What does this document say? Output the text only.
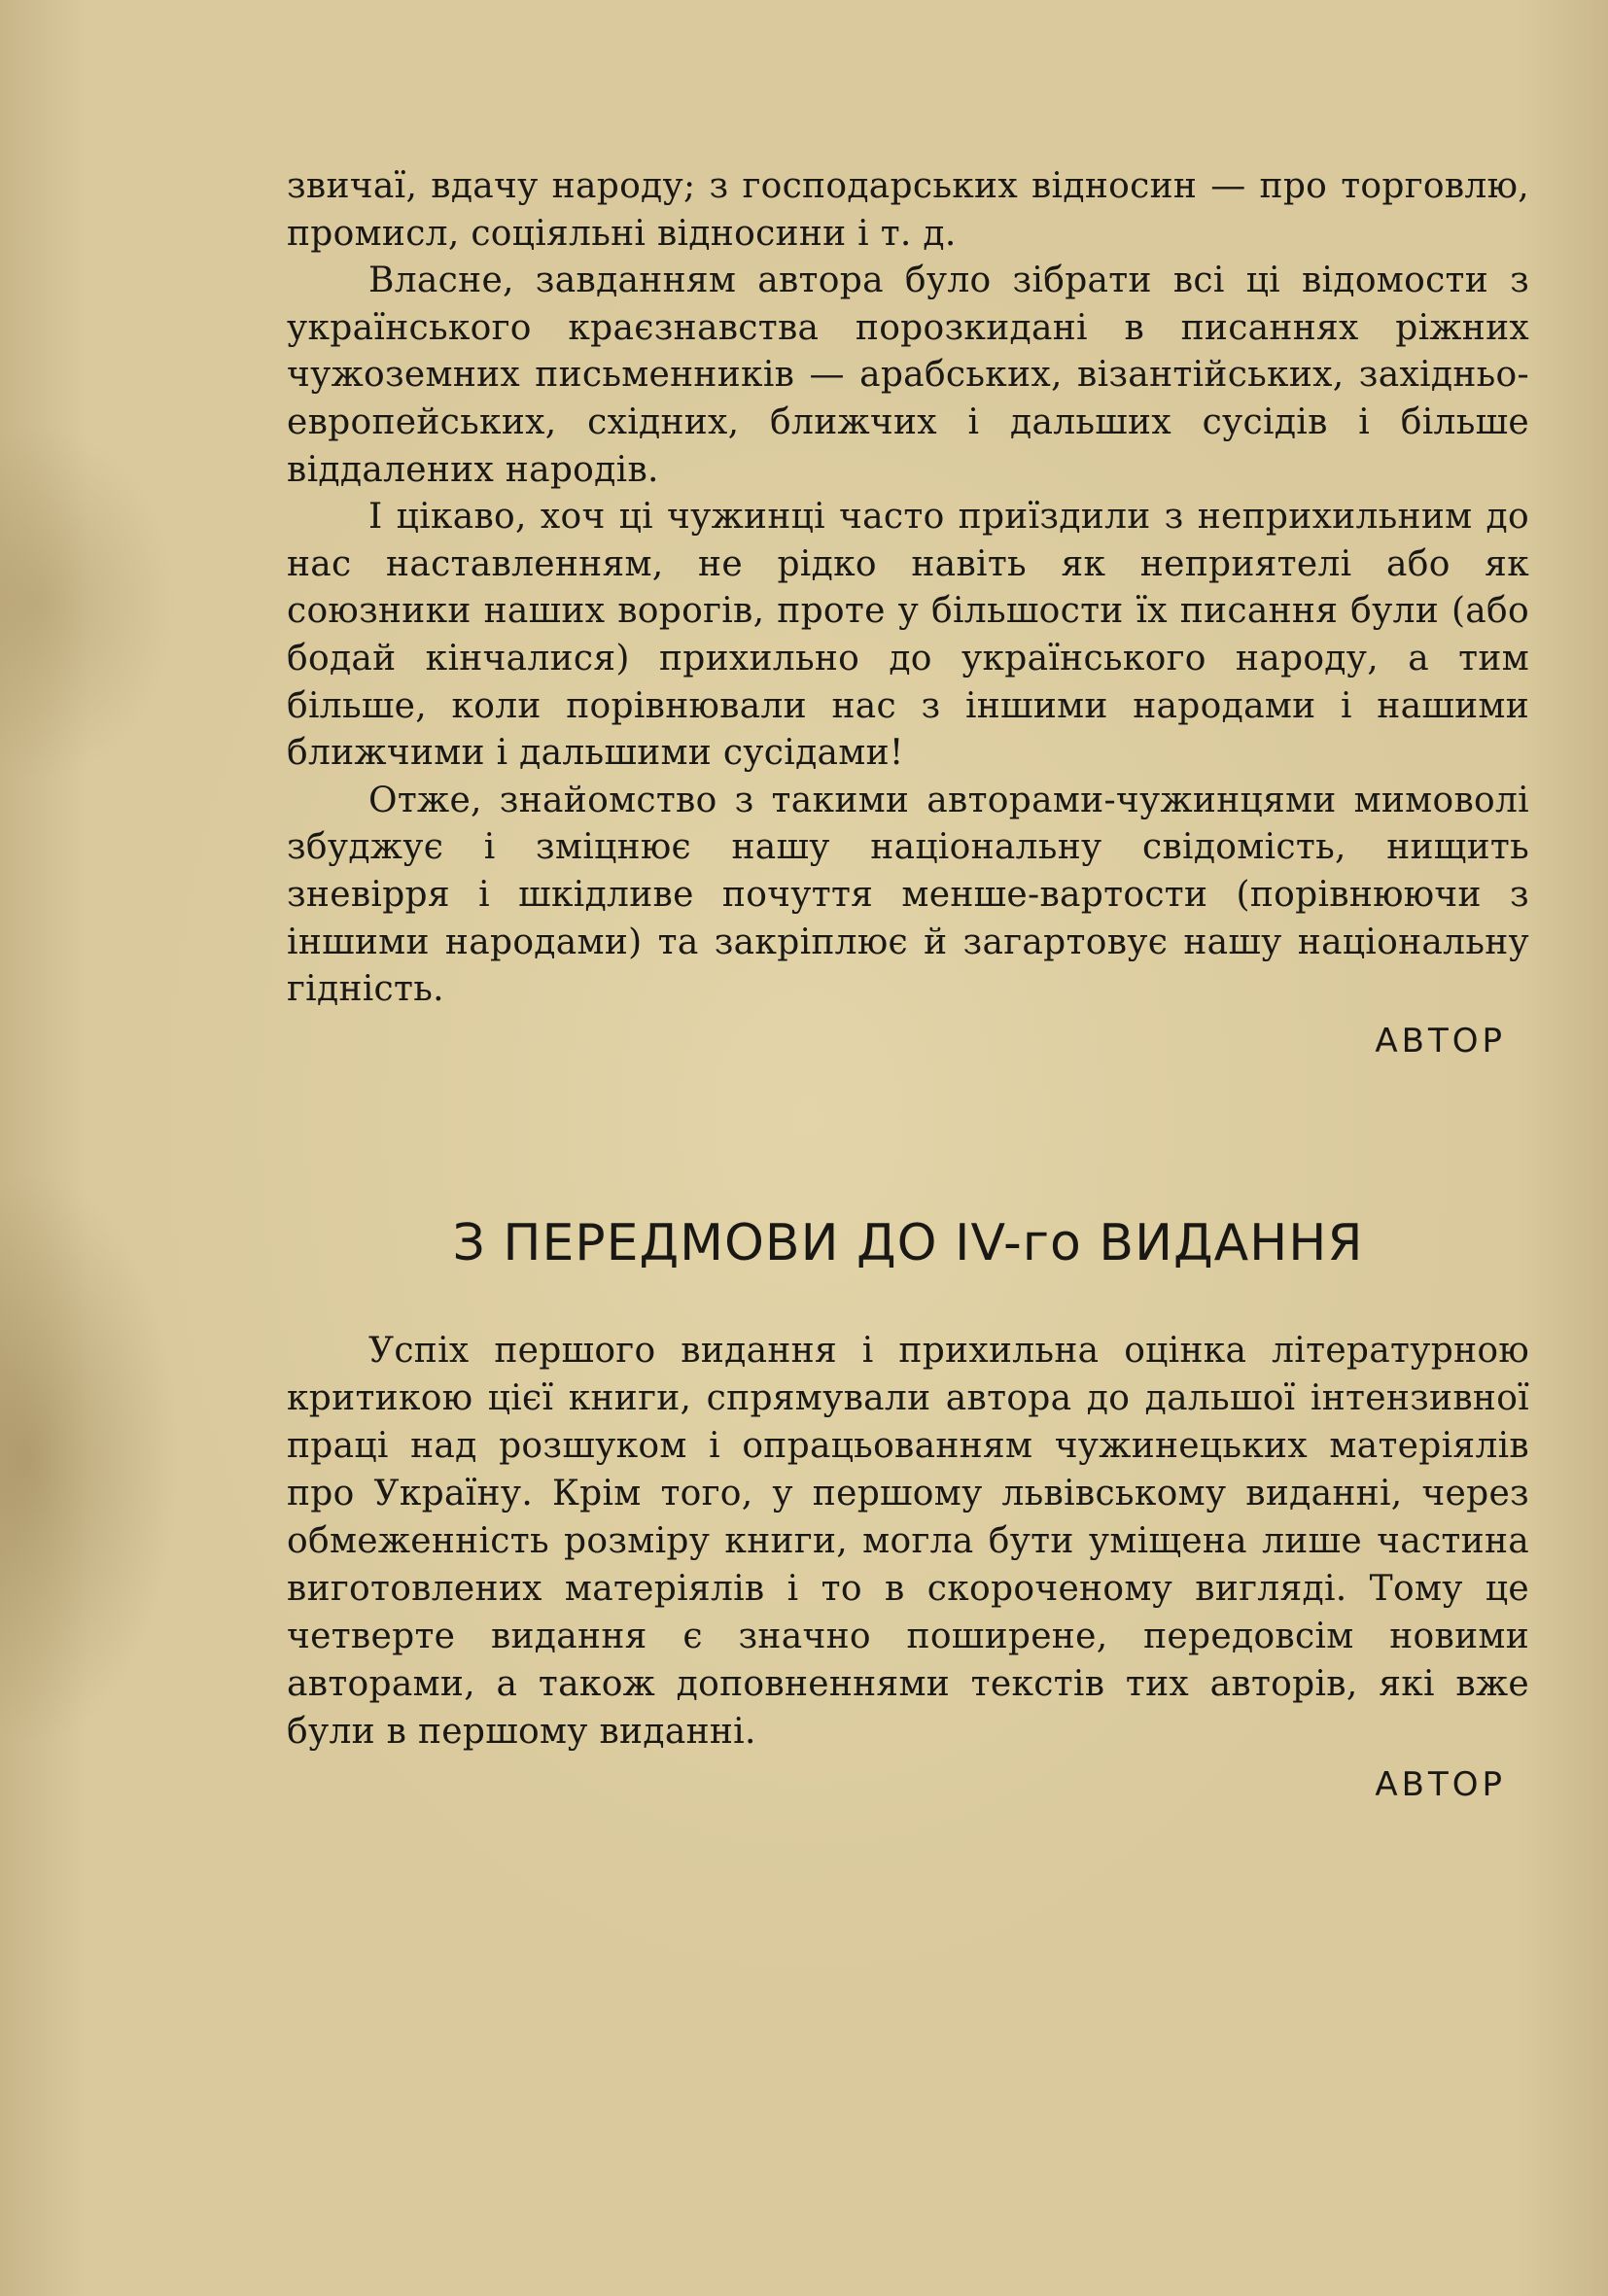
звичаї, вдачу народу; з господарських відносин — про торговлю, промисл, соціяльні відносини і т. д.

Власне, завданням автора було зібрати всі ці відомости з українського краєзнавства порозкидані в писаннях ріжних чужоземних письменників — арабських, візантійських, західньо-европейських, східних, ближчих і дальших сусідів і більше віддалених народів.

І цікаво, хоч ці чужинці часто приїздили з неприхильним до нас наставленням, не рідко навіть як неприятелі або як союзники наших ворогів, проте у більшости їх писання були (або бодай кінчалися) прихильно до українського народу, а тим більше, коли порівнювали нас з іншими народами і нашими ближчими і дальшими сусідами!

Отже, знайомство з такими авторами-чужинцями мимоволі збуджує і зміцнює нашу національну свідомість, нищить зневірря і шкідливе почуття менше-вартости (порівнюючи з іншими народами) та закріплює й загартовує нашу національну гідність.

АВТОР
З ПЕРЕДМОВИ ДО IV-го ВИДАННЯ

Успіх першого видання і прихильна оцінка літературною критикою цієї книги, спрямували автора до дальшої інтензивної праці над розшуком і опрацьованням чужинецьких матеріялів про Україну. Крім того, у першому львівському виданні, через обмеженність розміру книги, могла бути уміщена лише частина виготовлених матеріялів і то в скороченому вигляді. Тому це четверте видання є значно поширене, передовсім новими авторами, а також доповненнями текстів тих авторів, які вже були в першому виданні.

АВТОР
